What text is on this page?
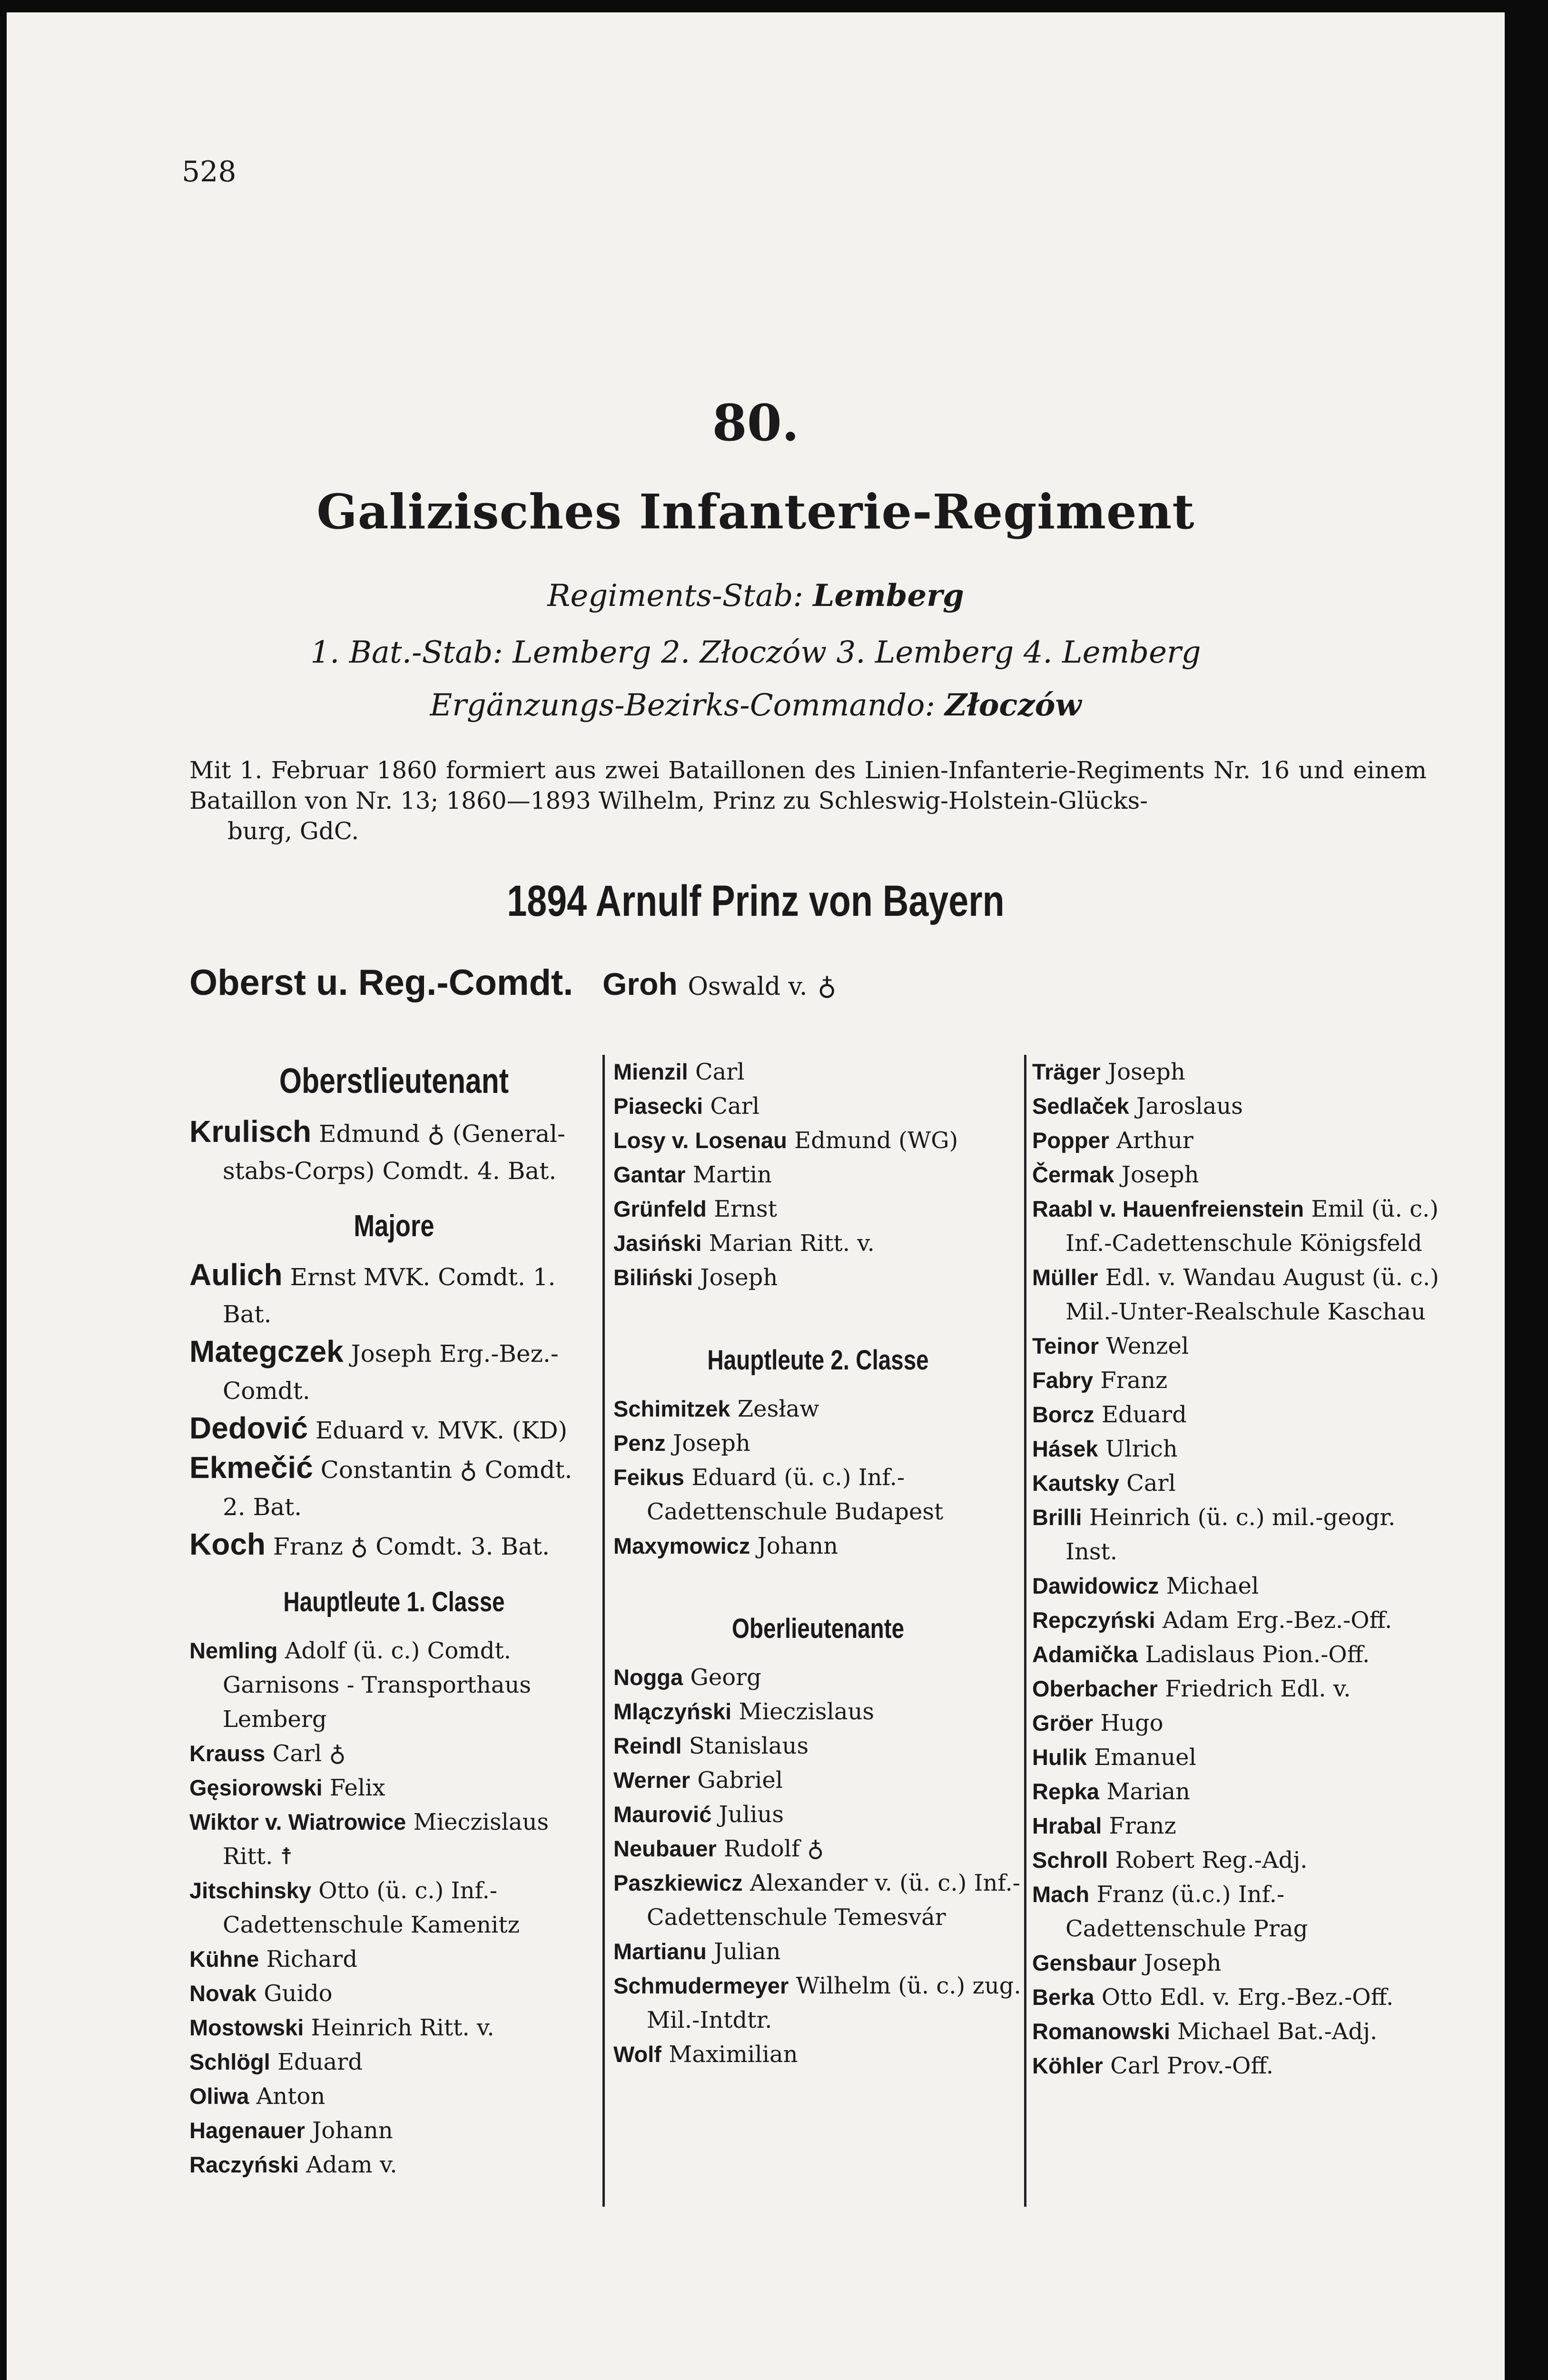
528
80.
Galizisches Infanterie-Regiment
Regiments-Stab: Lemberg
1. Bat.-Stab: Lemberg 2. Złoczów 3. Lemberg 4. Lemberg
Ergänzungs-Bezirks-Commando: Złoczów
Mit 1. Februar 1860 formiert aus zwei Bataillonen des Linien-Infanterie-Regiments Nr. 16 und einem Bataillon von Nr. 13; 1860—1893 Wilhelm, Prinz zu Schleswig-Holstein-Glücks-
burg, GdC.
1894 Arnulf Prinz von Bayern
Oberst u. Reg.-Comdt. Groh Oswald v. ♁
Oberstlieutenant
Krulisch Edmund ♁ (General-stabs-Corps) Comdt. 4. Bat.
Majore
Aulich Ernst MVK. Comdt. 1. Bat.
Mategczek Joseph Erg.-Bez.-Comdt.
Dedović Eduard v. MVK. (KD)
Ekmečić Constantin ♁ Comdt. 2. Bat.
Koch Franz ♁ Comdt. 3. Bat.
Hauptleute 1. Classe
Nemling Adolf (ü. c.) Comdt. Garnisons - Transporthaus Lemberg
Krauss Carl ♁
Gęsiorowski Felix
Wiktor v. Wiatrowice Mieczislaus Ritt. ☨
Jitschinsky Otto (ü. c.) Inf.-Cadettenschule Kamenitz
Kühne Richard
Novak Guido
Mostowski Heinrich Ritt. v.
Schlögl Eduard
Oliwa Anton
Hagenauer Johann
Raczyński Adam v.
Mienzil Carl
Piasecki Carl
Losy v. Losenau Edmund (WG)
Gantar Martin
Grünfeld Ernst
Jasiński Marian Ritt. v.
Biliński Joseph
Hauptleute 2. Classe
Schimitzek Zesław
Penz Joseph
Feikus Eduard (ü. c.) Inf.-Cadettenschule Budapest
Maxymowicz Johann
Oberlieutenante
Nogga Georg
Mlączyński Mieczislaus
Reindl Stanislaus
Werner Gabriel
Maurović Julius
Neubauer Rudolf ♁
Paszkiewicz Alexander v. (ü. c.) Inf.-Cadettenschule Temesvár
Martianu Julian
Schmudermeyer Wilhelm (ü. c.) zug. Mil.-Intdtr.
Wolf Maximilian
Träger Joseph
Sedlaček Jaroslaus
Popper Arthur
Čermak Joseph
Raabl v. Hauenfreienstein Emil (ü. c.) Inf.-Cadettenschule Königsfeld
Müller Edl. v. Wandau August (ü. c.) Mil.-Unter-Realschule Kaschau
Teinor Wenzel
Fabry Franz
Borcz Eduard
Hásek Ulrich
Kautsky Carl
Brilli Heinrich (ü. c.) mil.-geogr. Inst.
Dawidowicz Michael
Repczyński Adam Erg.-Bez.-Off.
Adamička Ladislaus Pion.-Off.
Oberbacher Friedrich Edl. v.
Gröer Hugo
Hulik Emanuel
Repka Marian
Hrabal Franz
Schroll Robert Reg.-Adj.
Mach Franz (ü.c.) Inf.-Cadettenschule Prag
Gensbaur Joseph
Berka Otto Edl. v. Erg.-Bez.-Off.
Romanowski Michael Bat.-Adj.
Köhler Carl Prov.-Off.
